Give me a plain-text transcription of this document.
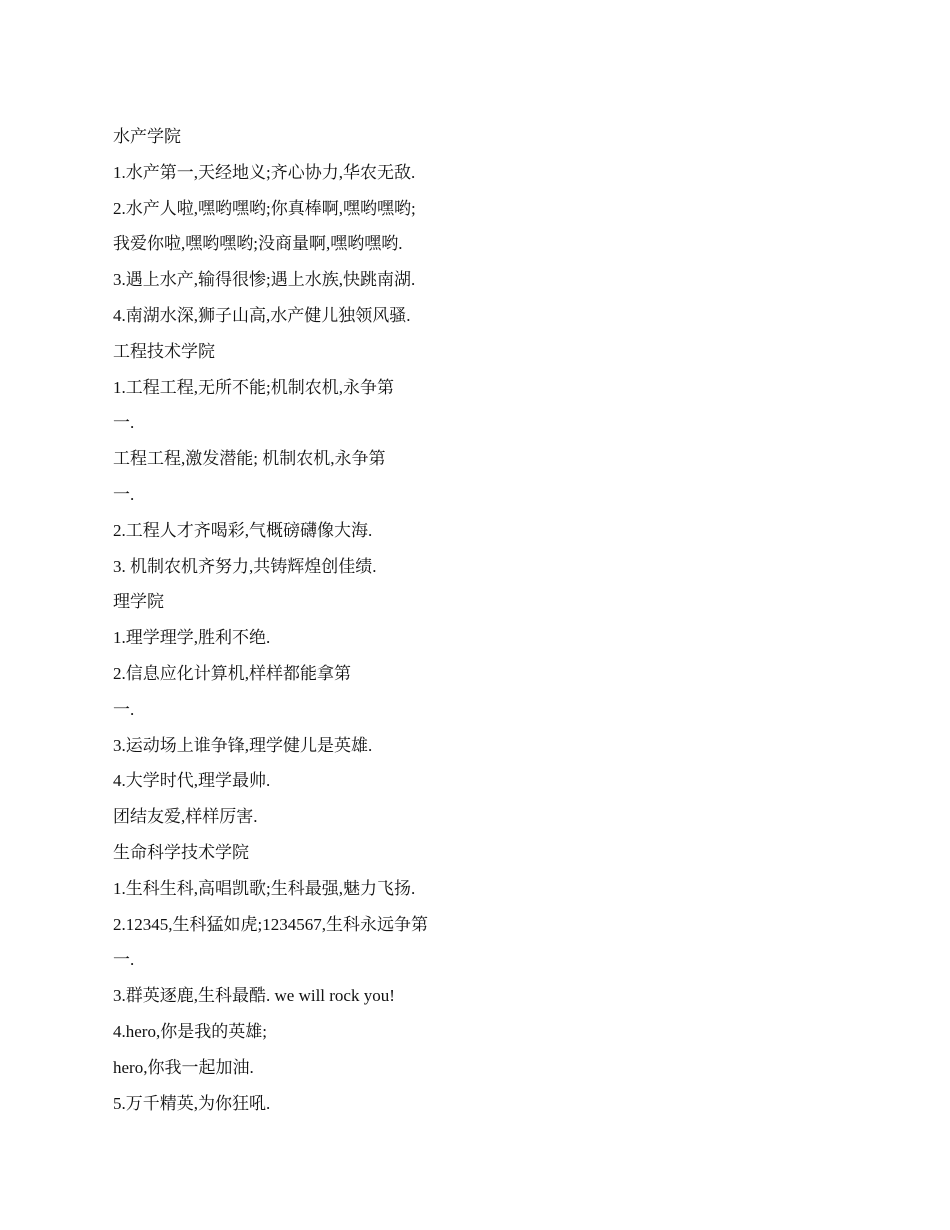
水产学院
1.水产第一,天经地义;齐心协力,华农无敌.
2.水产人啦,嘿哟嘿哟;你真棒啊,嘿哟嘿哟;
我爱你啦,嘿哟嘿哟;没商量啊,嘿哟嘿哟.
3.遇上水产,输得很惨;遇上水族,快跳南湖.
4.南湖水深,狮子山高,水产健儿独领风骚.
工程技术学院
1.工程工程,无所不能;机制农机,永争第
一.
工程工程,激发潜能; 机制农机,永争第
一.
2.工程人才齐喝彩,气概磅礴像大海.
3. 机制农机齐努力,共铸辉煌创佳绩.
理学院
1.理学理学,胜利不绝.
2.信息应化计算机,样样都能拿第
一.
3.运动场上谁争锋,理学健儿是英雄.
4.大学时代,理学最帅.
团结友爱,样样厉害.
生命科学技术学院
1.生科生科,高唱凯歌;生科最强,魅力飞扬.
2.12345,生科猛如虎;1234567,生科永远争第
一.
3.群英逐鹿,生科最酷. we will rock you!
4.hero,你是我的英雄;
hero,你我一起加油.
5.万千精英,为你狂吼.
